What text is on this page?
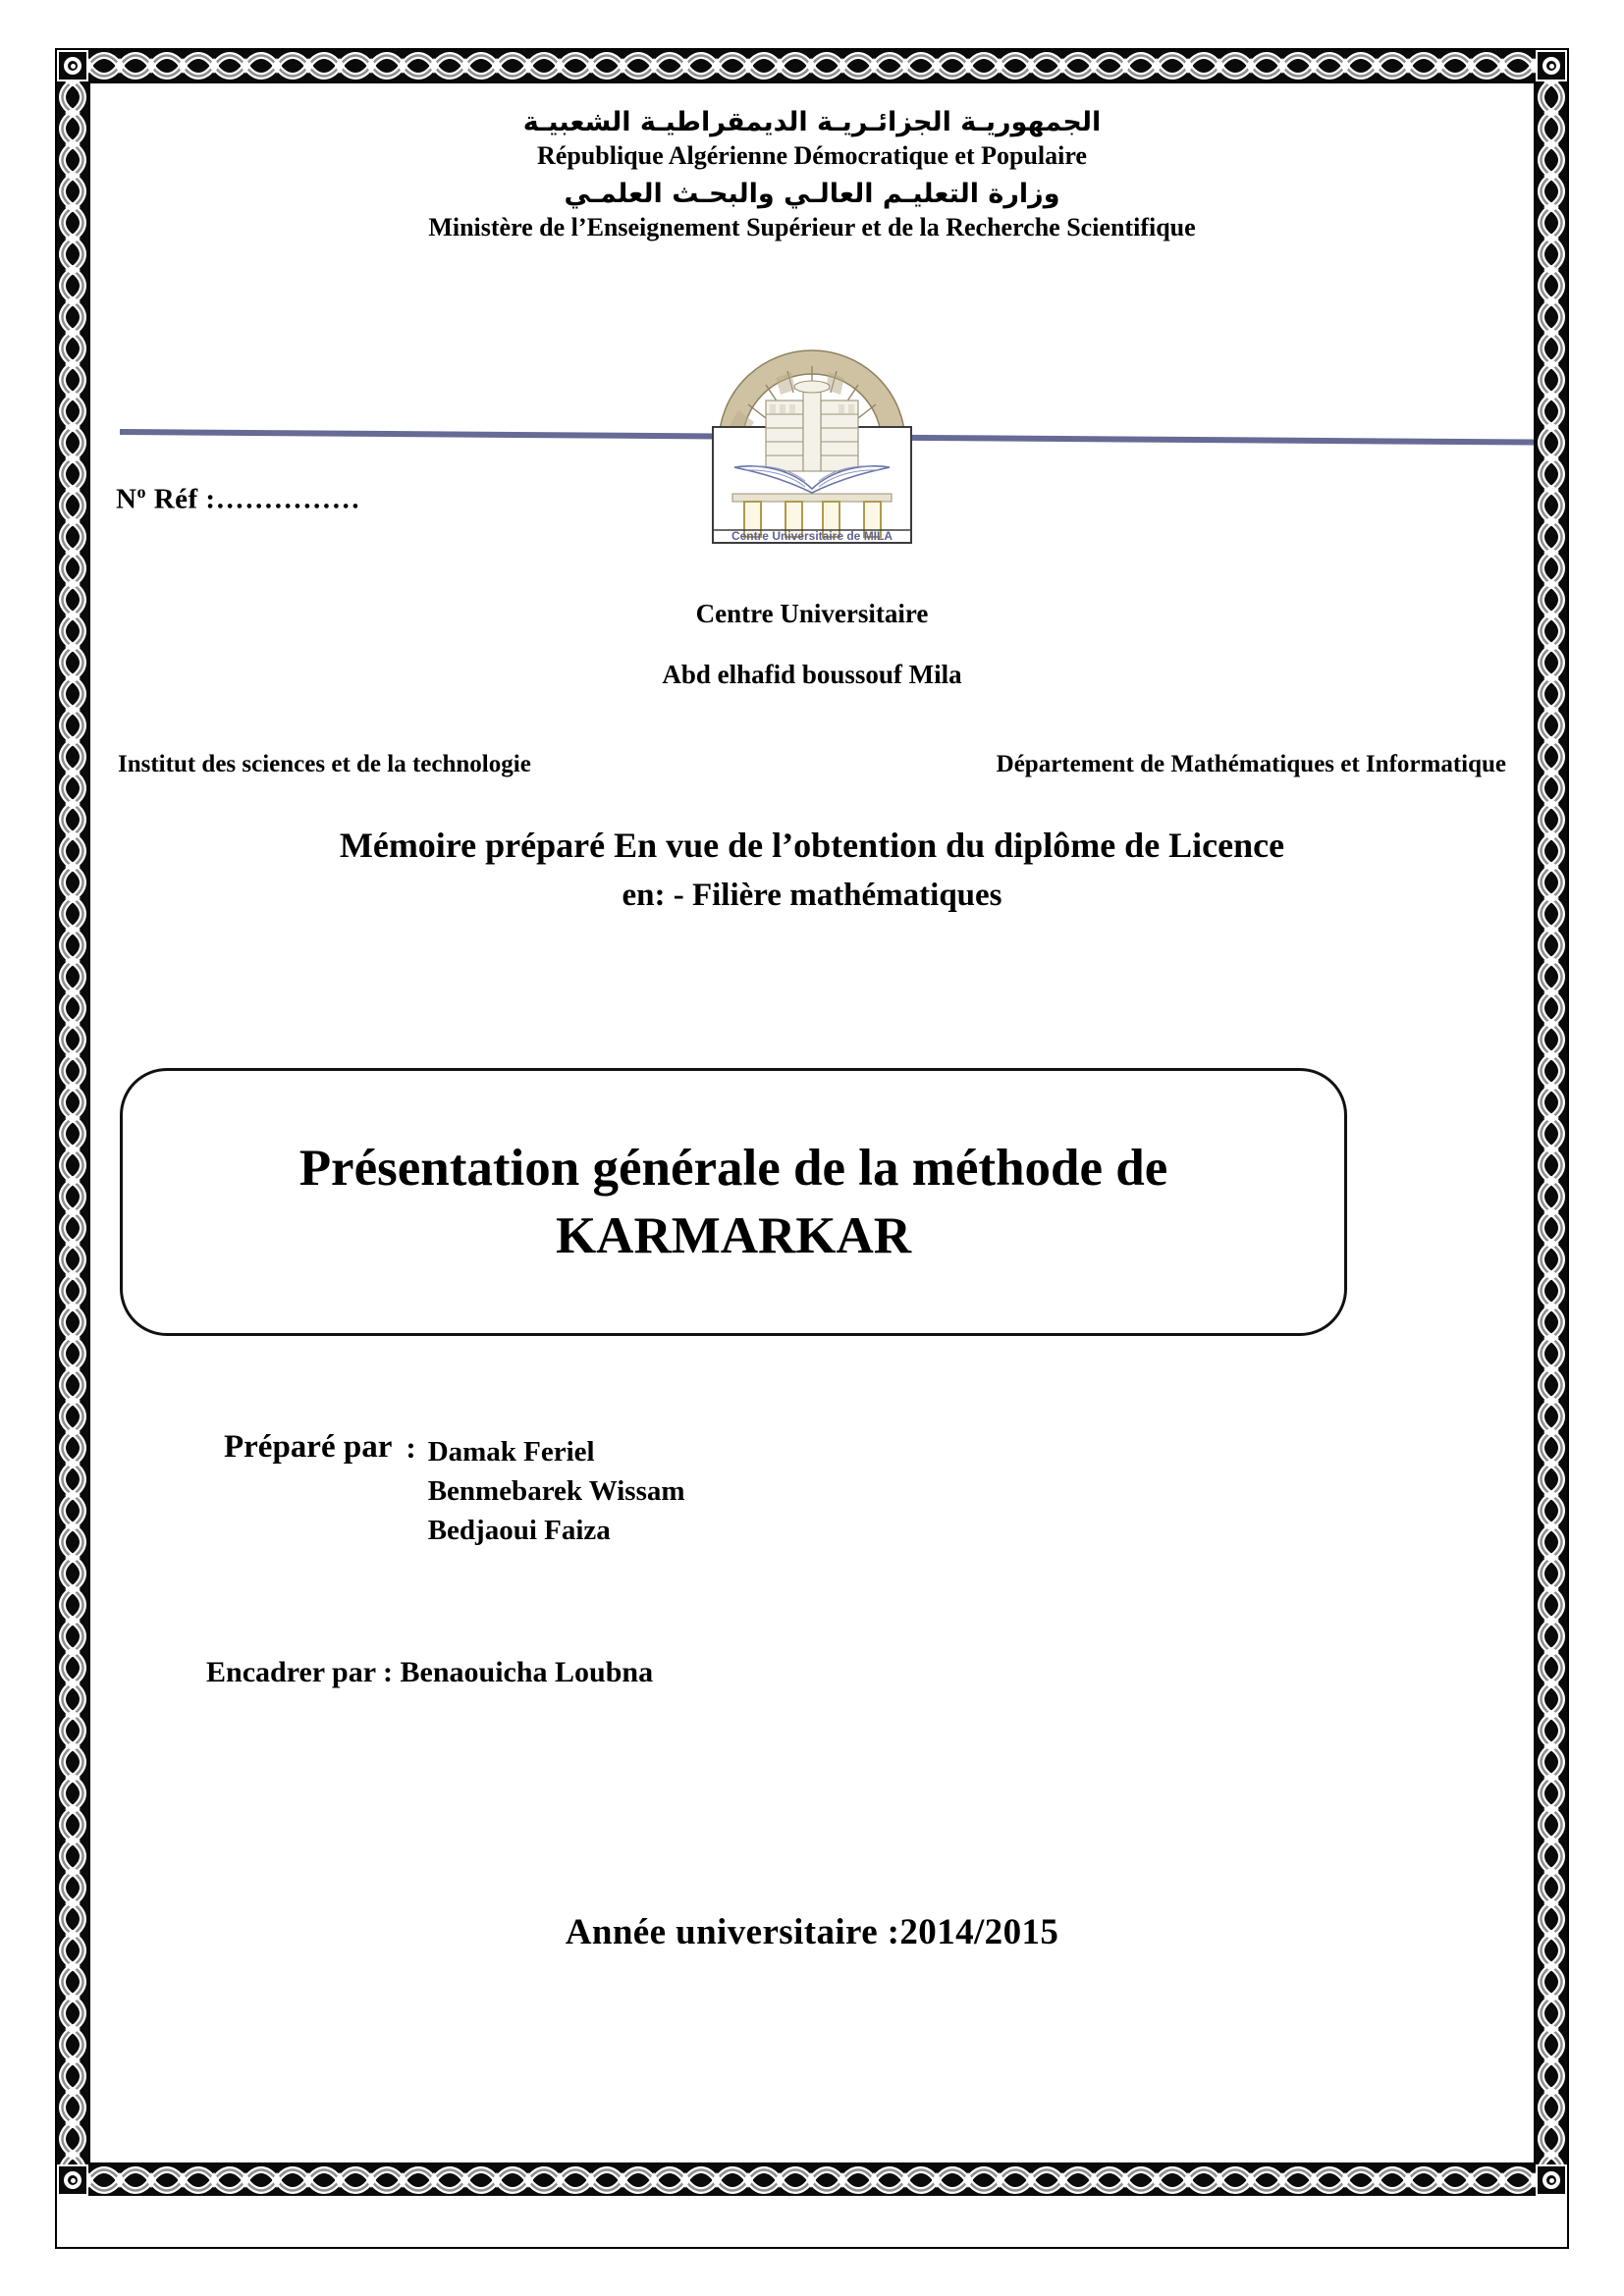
الجمهوريـة الجزائـريـة الديمقراطيـة الشعبيـة
République Algérienne Démocratique et Populaire
وزارة التعليـم العالـي والبحـث العلمـي
Ministère de l’Enseignement Supérieur et de la Recherche Scientifique
Centre Universitaire de MILA
$N^o$ Réf :……………
Centre Universitaire
Abd elhafid boussouf Mila
Institut des sciences et de la technologie	Département de Mathématiques et Informatique
Mémoire préparé En vue de l’obtention du diplôme de Licence
en: - Filière mathématiques
Présentation générale de la méthode de
KARMARKAR
Préparé par : Damak Feriel
Benmebarek Wissam
Bedjaoui Faiza
Encadrer par : Benaouicha Loubna
Année universitaire :2014/2015
